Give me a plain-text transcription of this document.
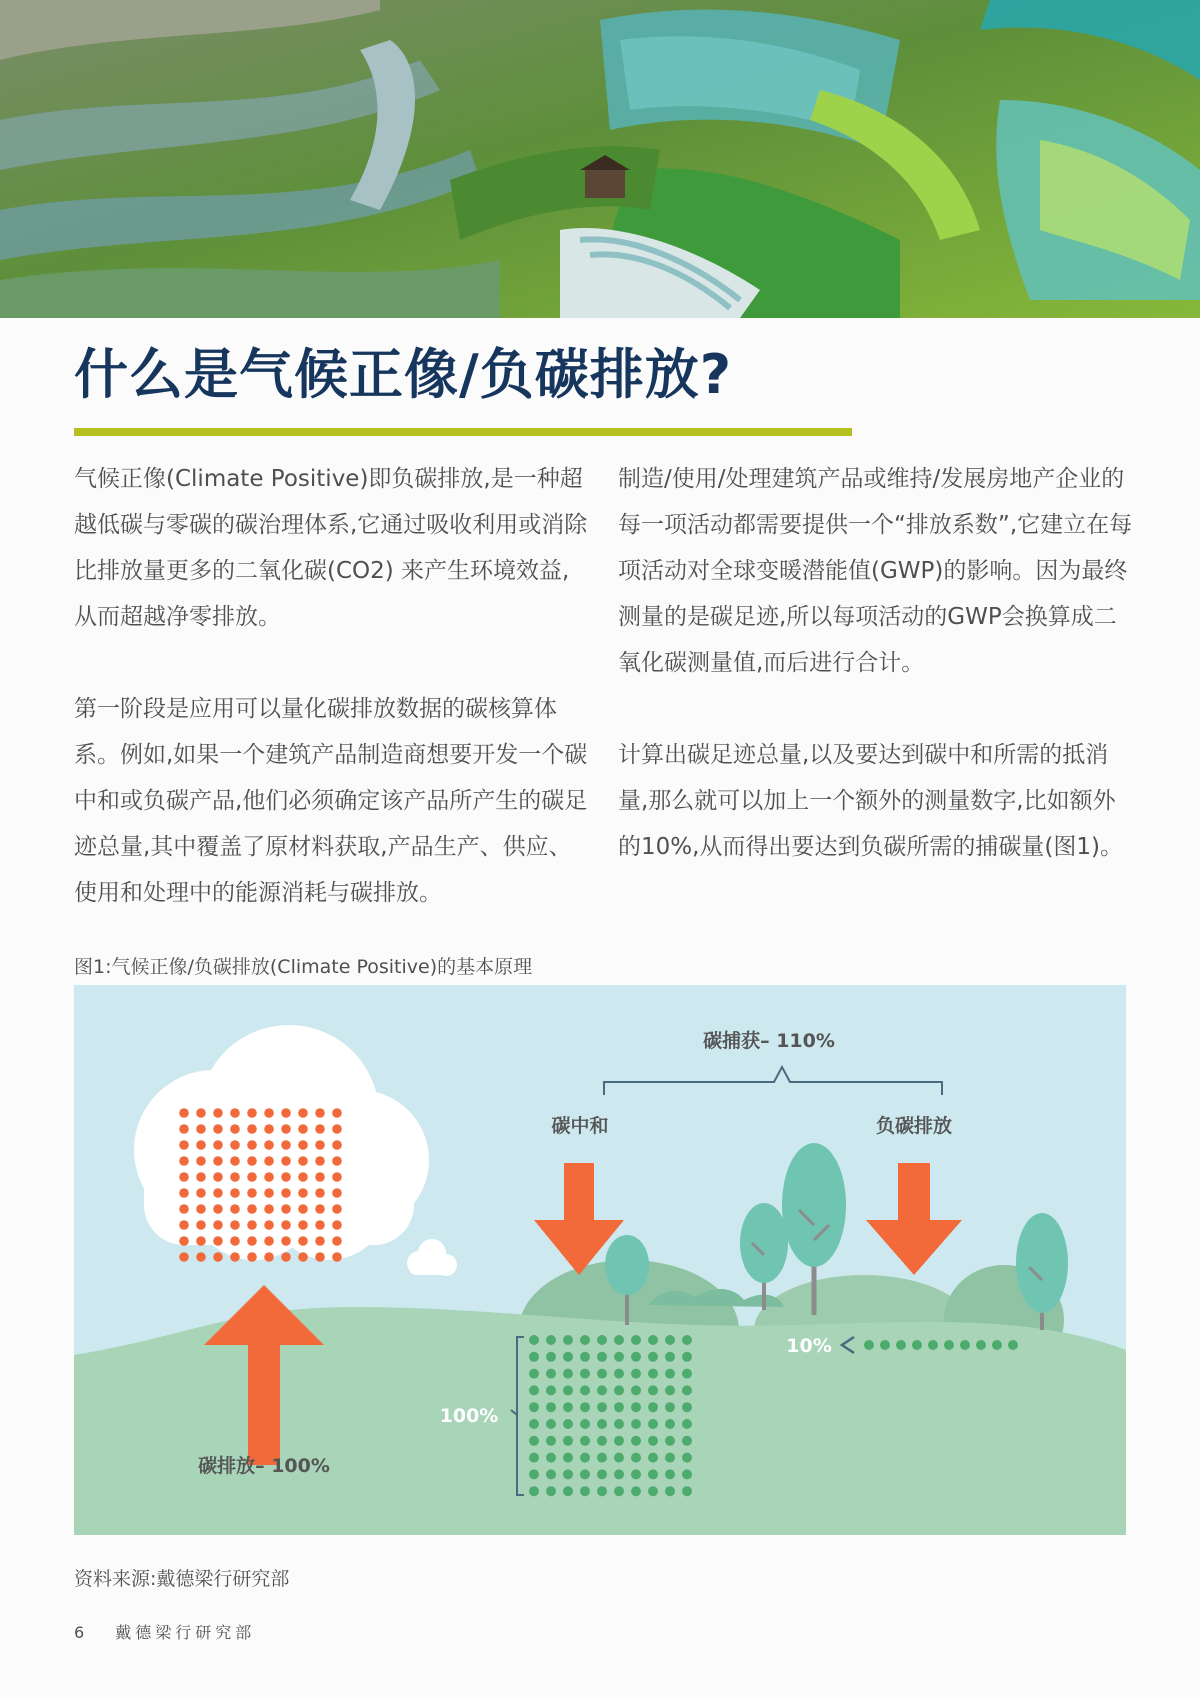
什么是气候正像/负碳排放?

气候正像(Climate Positive)即负碳排放,是一种超越低碳与零碳的碳治理体系,它通过吸收利用或消除比排放量更多的二氧化碳(CO2) 来产生环境效益,从而超越净零排放。

第一阶段是应用可以量化碳排放数据的碳核算体系。例如,如果一个建筑产品制造商想要开发一个碳中和或负碳产品,他们必须确定该产品所产生的碳足迹总量,其中覆盖了原材料获取,产品生产、供应、使用和处理中的能源消耗与碳排放。

制造/使用/处理建筑产品或维持/发展房地产企业的每一项活动都需要提供一个“排放系数”,它建立在每项活动对全球变暖潜能值(GWP)的影响。因为最终测量的是碳足迹,所以每项活动的GWP会换算成二氧化碳测量值,而后进行合计。

计算出碳足迹总量,以及要达到碳中和所需的抵消量,那么就可以加上一个额外的测量数字,比如额外的10%,从而得出要达到负碳所需的捕碳量(图1)。

图1:气候正像/负碳排放(Climate Positive)的基本原理
碳捕获– 110%
碳中和	负碳排放
碳排放– 100%
100%
10%
资料来源:戴德梁行研究部
6 戴德梁行研究部
